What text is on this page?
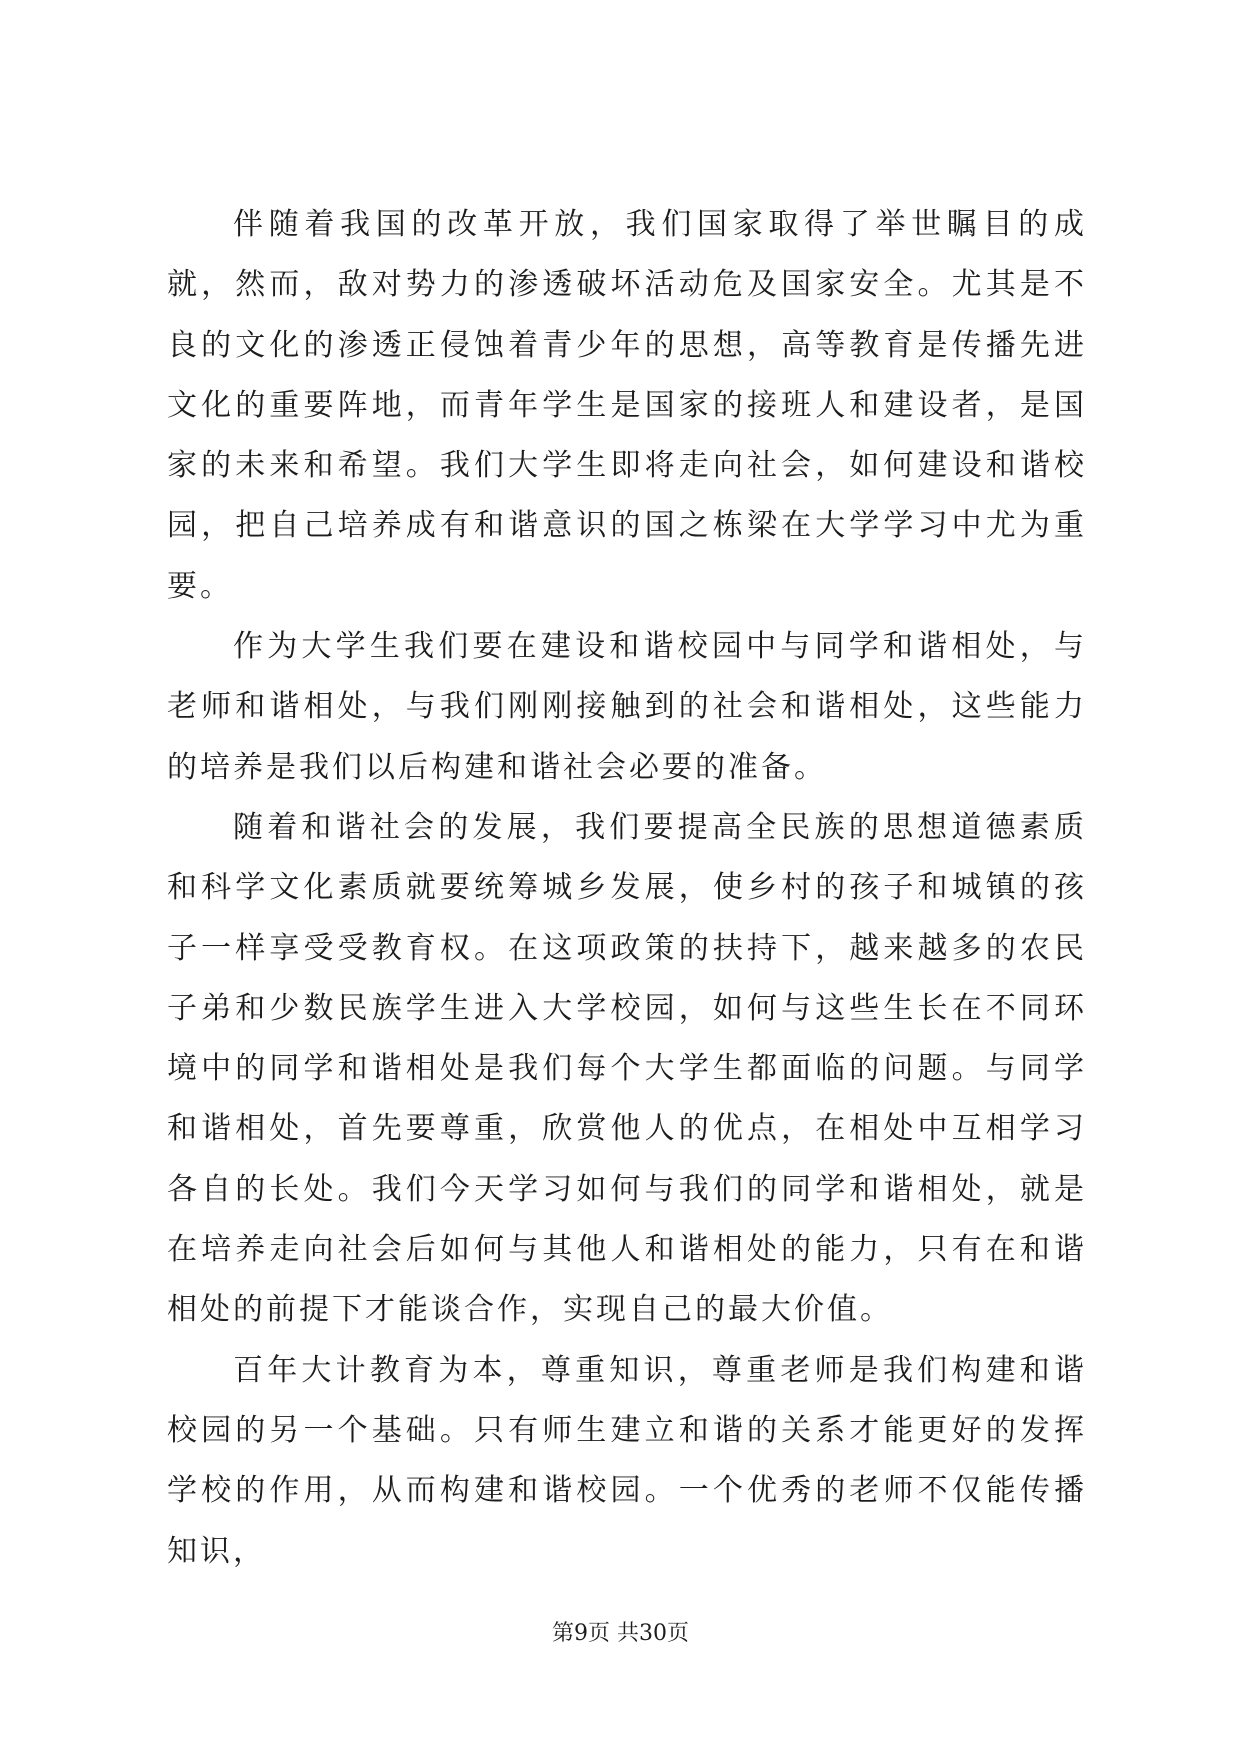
伴随着我国的改革开放，我们国家取得了举世瞩目的成就，然而，敌对势力的渗透破坏活动危及国家安全。尤其是不良的文化的渗透正侵蚀着青少年的思想，高等教育是传播先进文化的重要阵地，而青年学生是国家的接班人和建设者，是国家的未来和希望。我们大学生即将走向社会，如何建设和谐校园，把自己培养成有和谐意识的国之栋梁在大学学习中尤为重要。

作为大学生我们要在建设和谐校园中与同学和谐相处，与老师和谐相处，与我们刚刚接触到的社会和谐相处，这些能力的培养是我们以后构建和谐社会必要的准备。

随着和谐社会的发展，我们要提高全民族的思想道德素质和科学文化素质就要统筹城乡发展，使乡村的孩子和城镇的孩子一样享受受教育权。在这项政策的扶持下，越来越多的农民子弟和少数民族学生进入大学校园，如何与这些生长在不同环境中的同学和谐相处是我们每个大学生都面临的问题。与同学和谐相处，首先要尊重，欣赏他人的优点，在相处中互相学习各自的长处。我们今天学习如何与我们的同学和谐相处，就是在培养走向社会后如何与其他人和谐相处的能力，只有在和谐相处的前提下才能谈合作，实现自己的最大价值。

百年大计教育为本，尊重知识，尊重老师是我们构建和谐校园的另一个基础。只有师生建立和谐的关系才能更好的发挥学校的作用，从而构建和谐校园。一个优秀的老师不仅能传播知识，

第9页 共30页
